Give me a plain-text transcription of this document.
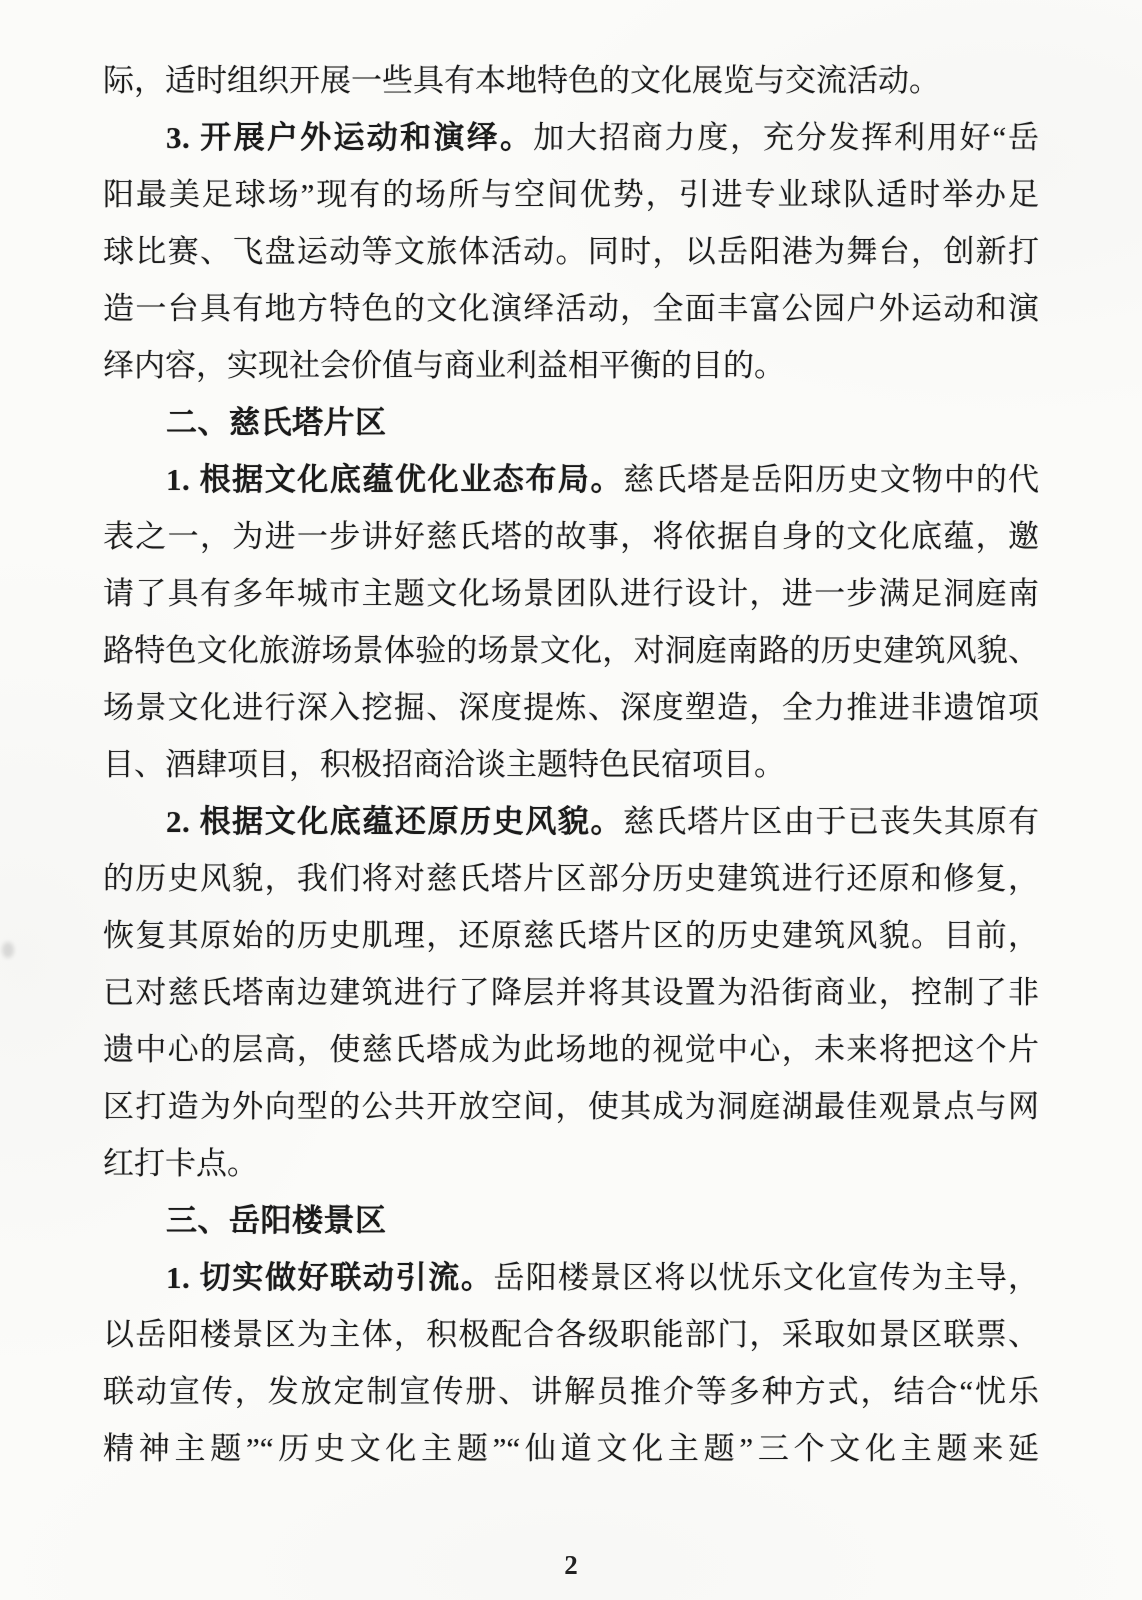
际，适时组织开展一些具有本地特色的文化展览与交流活动。
3. 开展户外运动和演绎。加大招商力度，充分发挥利用好“岳
阳最美足球场”现有的场所与空间优势，引进专业球队适时举办足
球比赛、飞盘运动等文旅体活动。同时，以岳阳港为舞台，创新打
造一台具有地方特色的文化演绎活动，全面丰富公园户外运动和演
绎内容，实现社会价值与商业利益相平衡的目的。
二、慈氏塔片区
1. 根据文化底蕴优化业态布局。慈氏塔是岳阳历史文物中的代
表之一，为进一步讲好慈氏塔的故事，将依据自身的文化底蕴，邀
请了具有多年城市主题文化场景团队进行设计，进一步满足洞庭南
路特色文化旅游场景体验的场景文化，对洞庭南路的历史建筑风貌、
场景文化进行深入挖掘、深度提炼、深度塑造，全力推进非遗馆项
目、酒肆项目，积极招商洽谈主题特色民宿项目。
2. 根据文化底蕴还原历史风貌。慈氏塔片区由于已丧失其原有
的历史风貌，我们将对慈氏塔片区部分历史建筑进行还原和修复，
恢复其原始的历史肌理，还原慈氏塔片区的历史建筑风貌。目前，
已对慈氏塔南边建筑进行了降层并将其设置为沿街商业，控制了非
遗中心的层高，使慈氏塔成为此场地的视觉中心，未来将把这个片
区打造为外向型的公共开放空间，使其成为洞庭湖最佳观景点与网
红打卡点。
三、岳阳楼景区
1. 切实做好联动引流。岳阳楼景区将以忧乐文化宣传为主导，
以岳阳楼景区为主体，积极配合各级职能部门，采取如景区联票、
联动宣传，发放定制宣传册、讲解员推介等多种方式，结合“忧乐
精神主题”“历史文化主题”“仙道文化主题”三个文化主题来延
2
